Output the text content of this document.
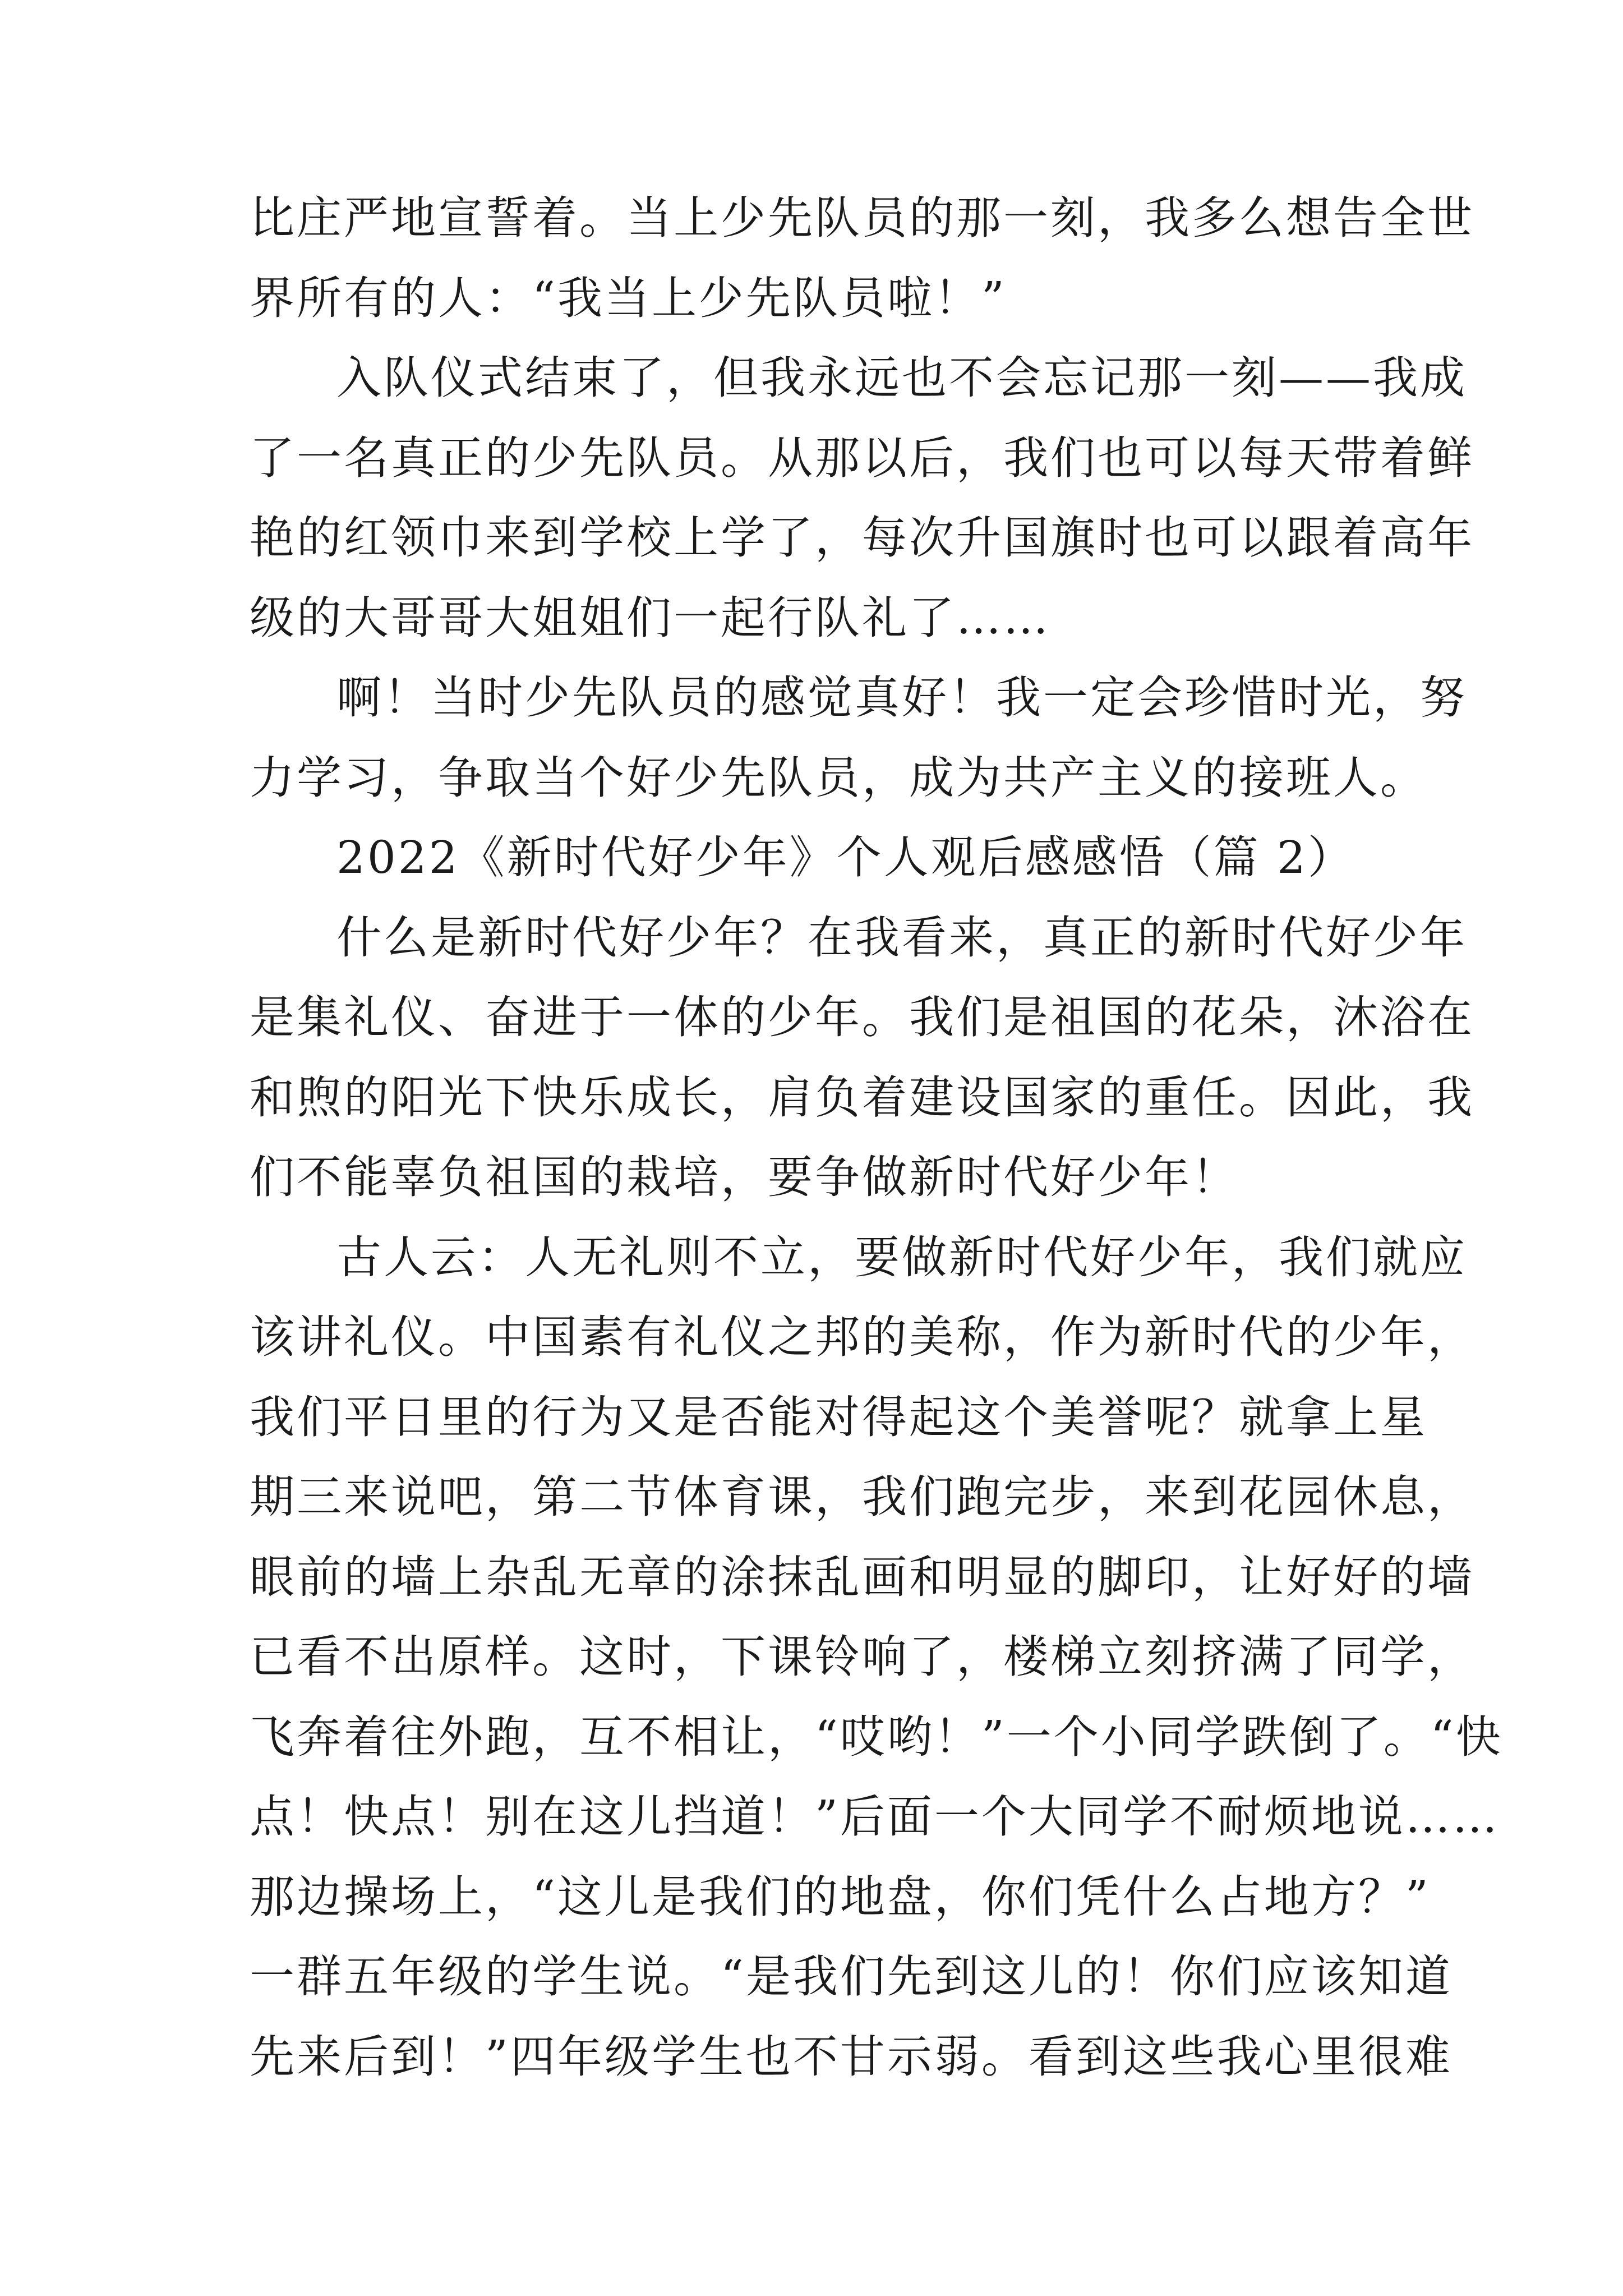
比庄严地宣誓着。当上少先队员的那一刻，我多么想告全世
界所有的人：“我当上少先队员啦！”
入队仪式结束了，但我永远也不会忘记那一刻——我成
了一名真正的少先队员。从那以后，我们也可以每天带着鲜
艳的红领巾来到学校上学了，每次升国旗时也可以跟着高年
级的大哥哥大姐姐们一起行队礼了……
啊！当时少先队员的感觉真好！我一定会珍惜时光，努
力学习，争取当个好少先队员，成为共产主义的接班人。
2022《新时代好少年》个人观后感感悟（篇 2）
什么是新时代好少年？在我看来，真正的新时代好少年
是集礼仪、奋进于一体的少年。我们是祖国的花朵，沐浴在
和煦的阳光下快乐成长，肩负着建设国家的重任。因此，我
们不能辜负祖国的栽培，要争做新时代好少年！
古人云：人无礼则不立，要做新时代好少年，我们就应
该讲礼仪。中国素有礼仪之邦的美称，作为新时代的少年，
我们平日里的行为又是否能对得起这个美誉呢？就拿上星
期三来说吧，第二节体育课，我们跑完步，来到花园休息，
眼前的墙上杂乱无章的涂抹乱画和明显的脚印，让好好的墙
已看不出原样。这时，下课铃响了，楼梯立刻挤满了同学，
飞奔着往外跑，互不相让，“哎哟！”一个小同学跌倒了。“快
点！快点！别在这儿挡道！”后面一个大同学不耐烦地说……
那边操场上，“这儿是我们的地盘，你们凭什么占地方？”
一群五年级的学生说。“是我们先到这儿的！你们应该知道
先来后到！”四年级学生也不甘示弱。看到这些我心里很难
